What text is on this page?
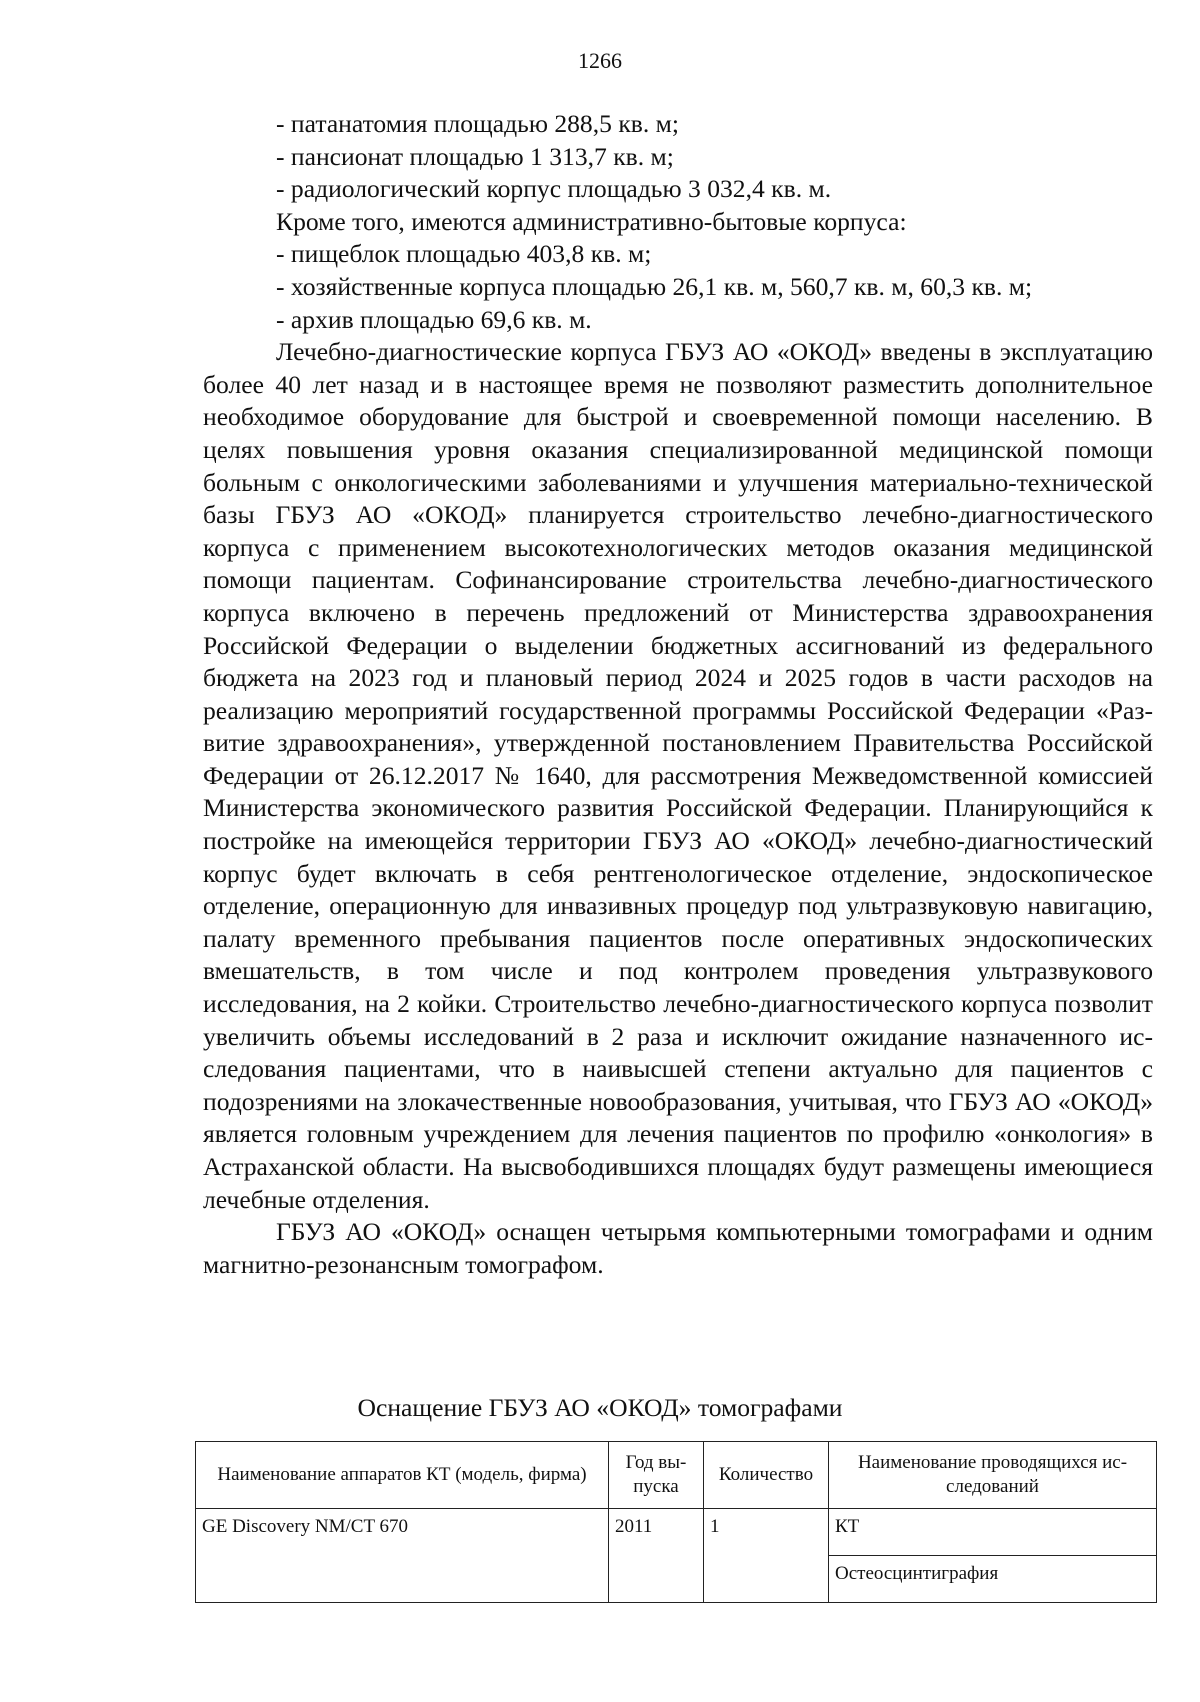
1266

- патанатомия площадью 288,5 кв. м;

- пансионат площадью 1 313,7 кв. м;

- радиологический корпус площадью 3 032,4 кв. м.

Кроме того, имеются административно-бытовые корпуса:

- пищеблок площадью 403,8 кв. м;

- хозяйственные корпуса площадью 26,1 кв. м, 560,7 кв. м, 60,3 кв. м;

- архив площадью 69,6 кв. м.

Лечебно-диагностические корпуса ГБУЗ АО «ОКОД» введены в эксплуатацию более 40 лет назад и в настоящее время не позволяют разместить дополнительное необходимое оборудование для быстрой и своевременной помощи населению. В целях повышения уровня оказания специализированной медицинской помощи больным с онкологическими заболеваниями и улучшения материально-технической базы ГБУЗ АО «ОКОД» планируется строительство лечебно-диагностического корпуса с применением высокотехнологических методов оказания медицинской помощи пациентам. Софинансирование строительства лечебно-диагностического корпуса включено в перечень предложений от Министерства здравоохранения Российской Федерации о выделении бюджетных ассигнований из федерального бюджета на 2023 год и плановый период 2024 и 2025 годов в части расходов на реализацию мероприятий государственной программы Российской Федерации «Развитие здравоохранения», утвержденной постановлением Правительства Российской Федерации от 26.12.2017 № 1640, для рассмотрения Межведомственной комиссией Министерства экономического развития Российской Федерации. Планирующийся к постройке на имеющейся территории ГБУЗ АО «ОКОД» лечебно-диагностический корпус будет включать в себя рентгенологическое отделение, эндоскопическое отделение, операционную для инвазивных процедур под ультразвуковую навигацию, палату временного пребывания пациентов после оперативных эндоскопических вмешательств, в том числе и под контролем проведения ультразвукового исследования, на 2 койки. Строительство лечебно-диагностического корпуса позволит увеличить объемы исследований в 2 раза и исключит ожидание назначенного исследования пациентами, что в наивысшей степени актуально для пациентов с подозрениями на злокачественные новообразования, учитывая, что ГБУЗ АО «ОКОД» является головным учреждением для лечения пациентов по профилю «онкология» в Астраханской области. На высвободившихся площадях будут размещены имеющиеся лечебные отделения.

ГБУЗ АО «ОКОД» оснащен четырьмя компьютерными томографами и одним магнитно-резонансным томографом.

Оснащение ГБУЗ АО «ОКОД» томографами
Наименование аппаратов КТ (модель, фирма)	Год выпуска	Количество	Наименование проводящихся исследований
GE Discovery NM/CT 670	2011	1	КТ
			Остеосцинтиграфия
